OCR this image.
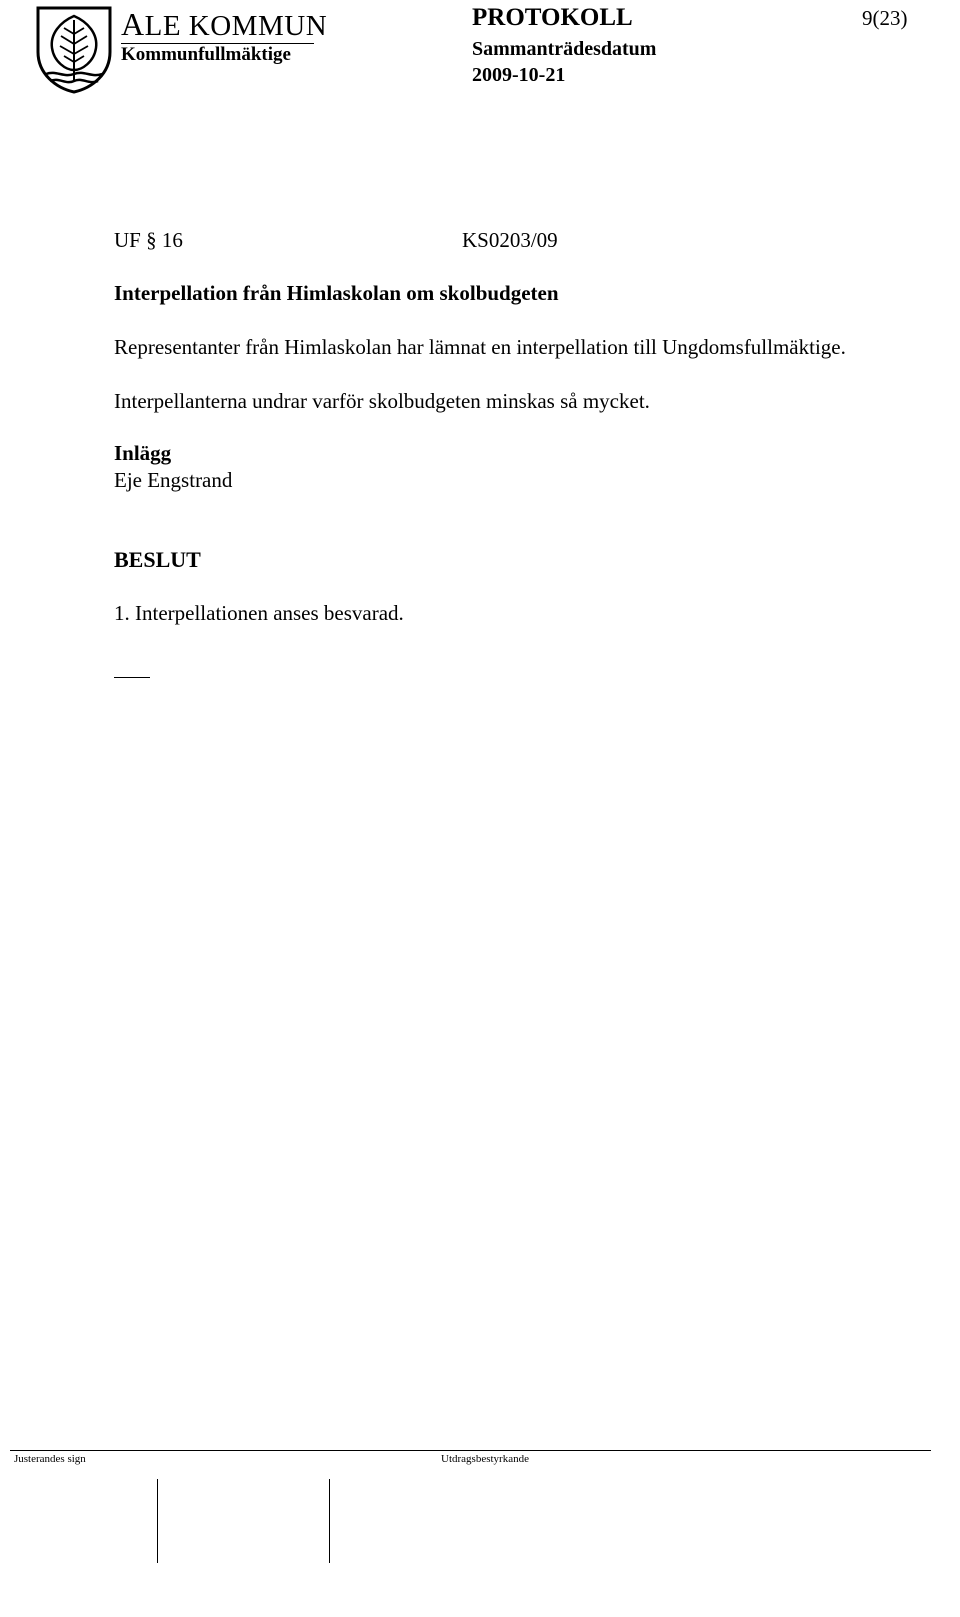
ALE KOMMUN
Kommunfullmäktige
PROTOKOLL
Sammanträdesdatum
2009-10-21
9(23)
UF § 16	KS0203/09
Interpellation från Himlaskolan om skolbudgeten
Representanter från Himlaskolan har lämnat en interpellation till Ungdomsfullmäktige.
Interpellanterna undrar varför skolbudgeten minskas så mycket.
Inlägg
Eje Engstrand
BESLUT
1. Interpellationen anses besvarad.
Justerandes sign	Utdragsbestyrkande
